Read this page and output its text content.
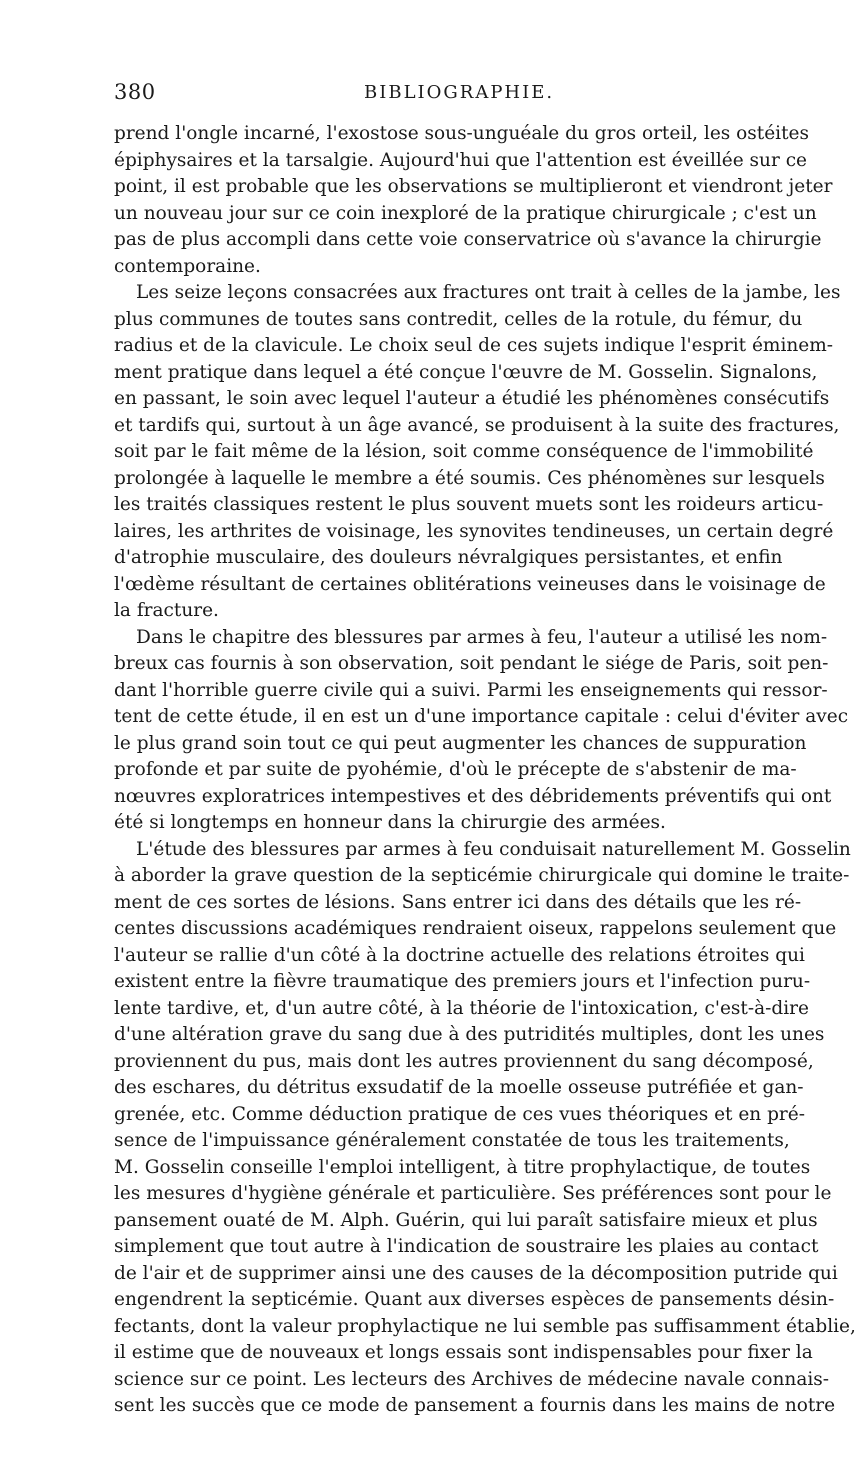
380	BIBLIOGRAPHIE.
prend l'ongle incarné, l'exostose sous-unguéale du gros orteil, les ostéites
épiphysaires et la tarsalgie. Aujourd'hui que l'attention est éveillée sur ce
point, il est probable que les observations se multiplieront et viendront jeter
un nouveau jour sur ce coin inexploré de la pratique chirurgicale ; c'est un
pas de plus accompli dans cette voie conservatrice où s'avance la chirurgie
contemporaine.
Les seize leçons consacrées aux fractures ont trait à celles de la jambe, les
plus communes de toutes sans contredit, celles de la rotule, du fémur, du
radius et de la clavicule. Le choix seul de ces sujets indique l'esprit éminem-
ment pratique dans lequel a été conçue l'œuvre de M. Gosselin. Signalons,
en passant, le soin avec lequel l'auteur a étudié les phénomènes consécutifs
et tardifs qui, surtout à un âge avancé, se produisent à la suite des fractures,
soit par le fait même de la lésion, soit comme conséquence de l'immobilité
prolongée à laquelle le membre a été soumis. Ces phénomènes sur lesquels
les traités classiques restent le plus souvent muets sont les roideurs articu-
laires, les arthrites de voisinage, les synovites tendineuses, un certain degré
d'atrophie musculaire, des douleurs névralgiques persistantes, et enfin
l'œdème résultant de certaines oblitérations veineuses dans le voisinage de
la fracture.
Dans le chapitre des blessures par armes à feu, l'auteur a utilisé les nom-
breux cas fournis à son observation, soit pendant le siége de Paris, soit pen-
dant l'horrible guerre civile qui a suivi. Parmi les enseignements qui ressor-
tent de cette étude, il en est un d'une importance capitale : celui d'éviter avec
le plus grand soin tout ce qui peut augmenter les chances de suppuration
profonde et par suite de pyohémie, d'où le précepte de s'abstenir de ma-
nœuvres exploratrices intempestives et des débridements préventifs qui ont
été si longtemps en honneur dans la chirurgie des armées.
L'étude des blessures par armes à feu conduisait naturellement M. Gosselin
à aborder la grave question de la septicémie chirurgicale qui domine le traite-
ment de ces sortes de lésions. Sans entrer ici dans des détails que les ré-
centes discussions académiques rendraient oiseux, rappelons seulement que
l'auteur se rallie d'un côté à la doctrine actuelle des relations étroites qui
existent entre la fièvre traumatique des premiers jours et l'infection puru-
lente tardive, et, d'un autre côté, à la théorie de l'intoxication, c'est-à-dire
d'une altération grave du sang due à des putridités multiples, dont les unes
proviennent du pus, mais dont les autres proviennent du sang décomposé,
des eschares, du détritus exsudatif de la moelle osseuse putréfiée et gan-
grenée, etc. Comme déduction pratique de ces vues théoriques et en pré-
sence de l'impuissance généralement constatée de tous les traitements,
M. Gosselin conseille l'emploi intelligent, à titre prophylactique, de toutes
les mesures d'hygiène générale et particulière. Ses préférences sont pour le
pansement ouaté de M. Alph. Guérin, qui lui paraît satisfaire mieux et plus
simplement que tout autre à l'indication de soustraire les plaies au contact
de l'air et de supprimer ainsi une des causes de la décomposition putride qui
engendrent la septicémie. Quant aux diverses espèces de pansements désin-
fectants, dont la valeur prophylactique ne lui semble pas suffisamment établie,
il estime que de nouveaux et longs essais sont indispensables pour fixer la
science sur ce point. Les lecteurs des Archives de médecine navale connais-
sent les succès que ce mode de pansement a fournis dans les mains de notre
